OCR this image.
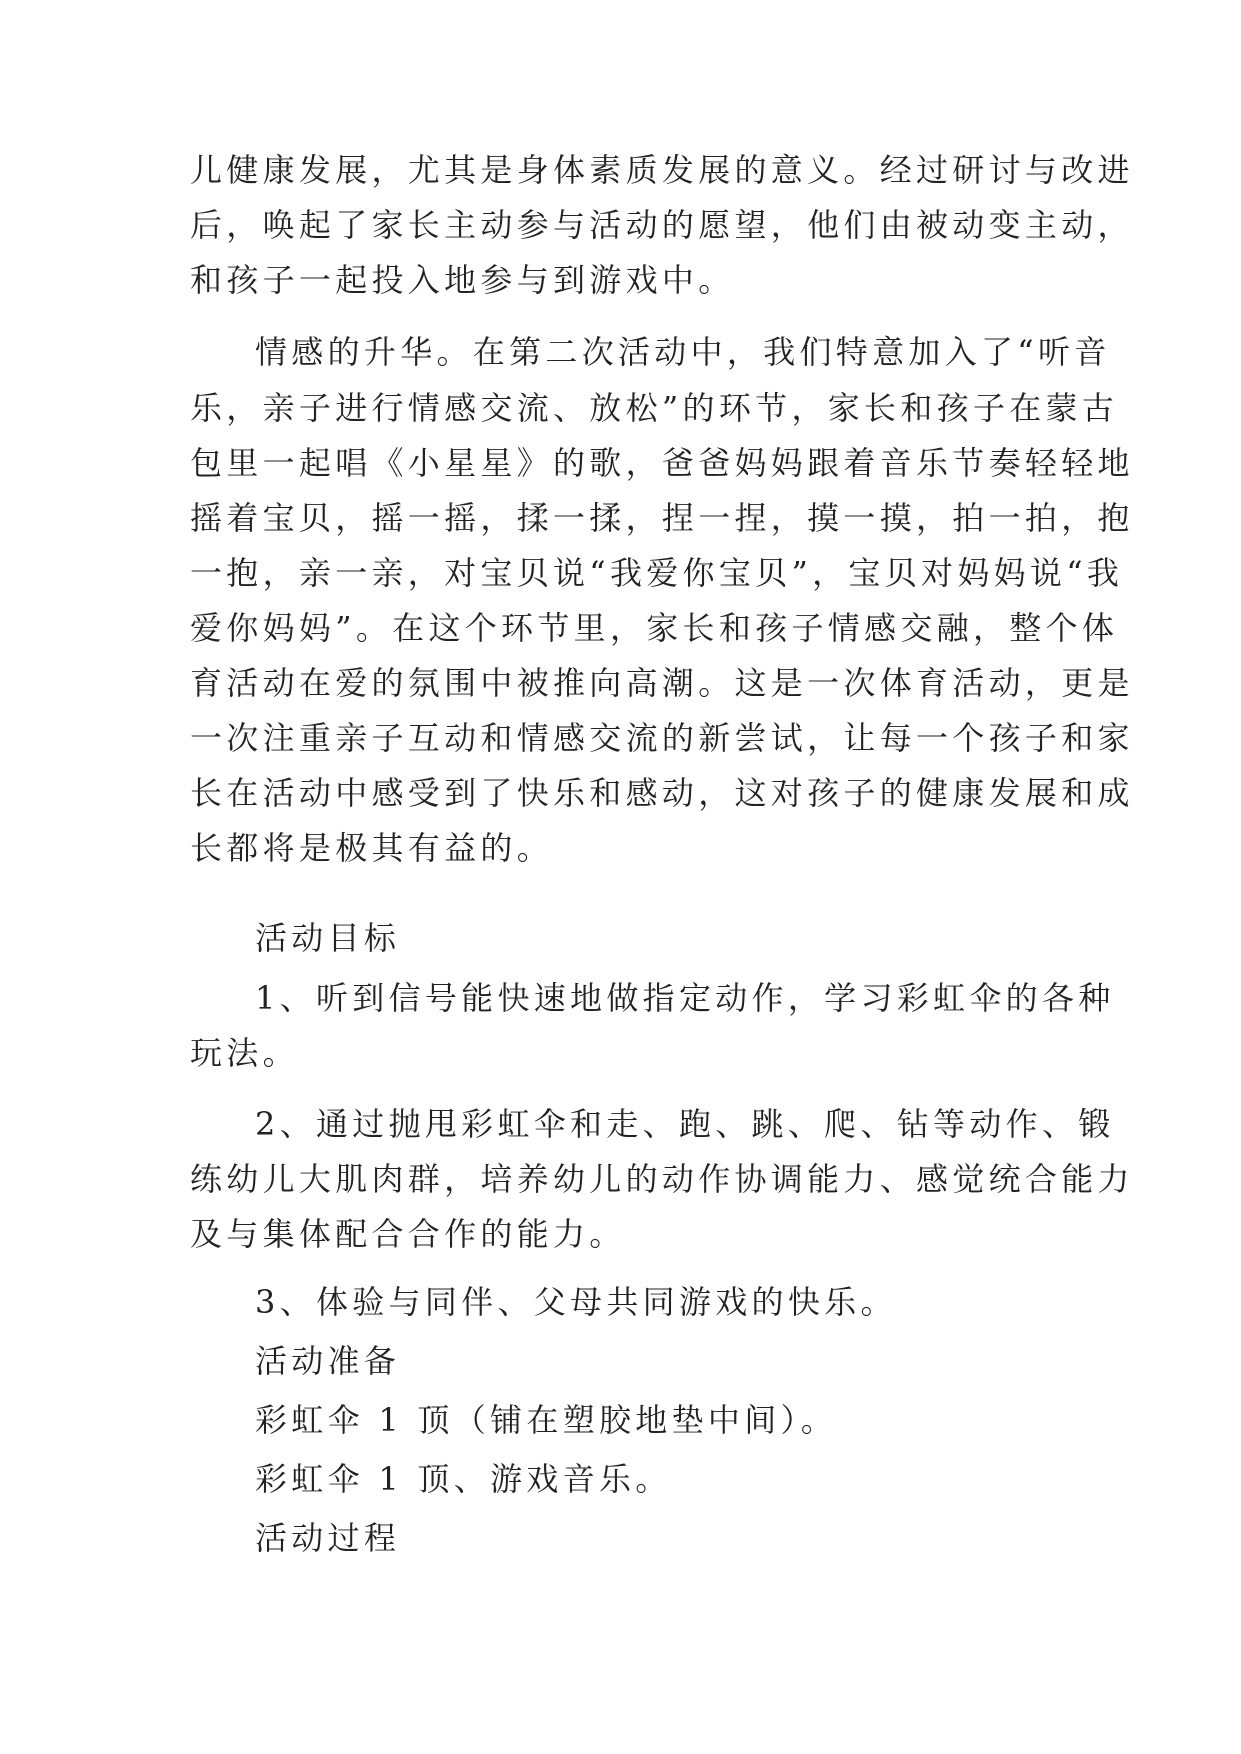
儿健康发展，尤其是身体素质发展的意义。经过研讨与改进
后，唤起了家长主动参与活动的愿望，他们由被动变主动，
和孩子一起投入地参与到游戏中。
情感的升华。在第二次活动中，我们特意加入了“听音
乐，亲子进行情感交流、放松”的环节，家长和孩子在蒙古
包里一起唱《小星星》的歌，爸爸妈妈跟着音乐节奏轻轻地
摇着宝贝，摇一摇，揉一揉，捏一捏，摸一摸，拍一拍，抱
一抱，亲一亲，对宝贝说“我爱你宝贝”，宝贝对妈妈说“我
爱你妈妈”。在这个环节里，家长和孩子情感交融，整个体
育活动在爱的氛围中被推向高潮。这是一次体育活动，更是
一次注重亲子互动和情感交流的新尝试，让每一个孩子和家
长在活动中感受到了快乐和感动，这对孩子的健康发展和成
长都将是极其有益的。
活动目标
1、听到信号能快速地做指定动作，学习彩虹伞的各种
玩法。
2、通过抛甩彩虹伞和走、跑、跳、爬、钻等动作、锻
练幼儿大肌肉群，培养幼儿的动作协调能力、感觉统合能力
及与集体配合合作的能力。
3、体验与同伴、父母共同游戏的快乐。
活动准备
彩虹伞 1 顶（铺在塑胶地垫中间）。
彩虹伞 1 顶、游戏音乐。
活动过程
